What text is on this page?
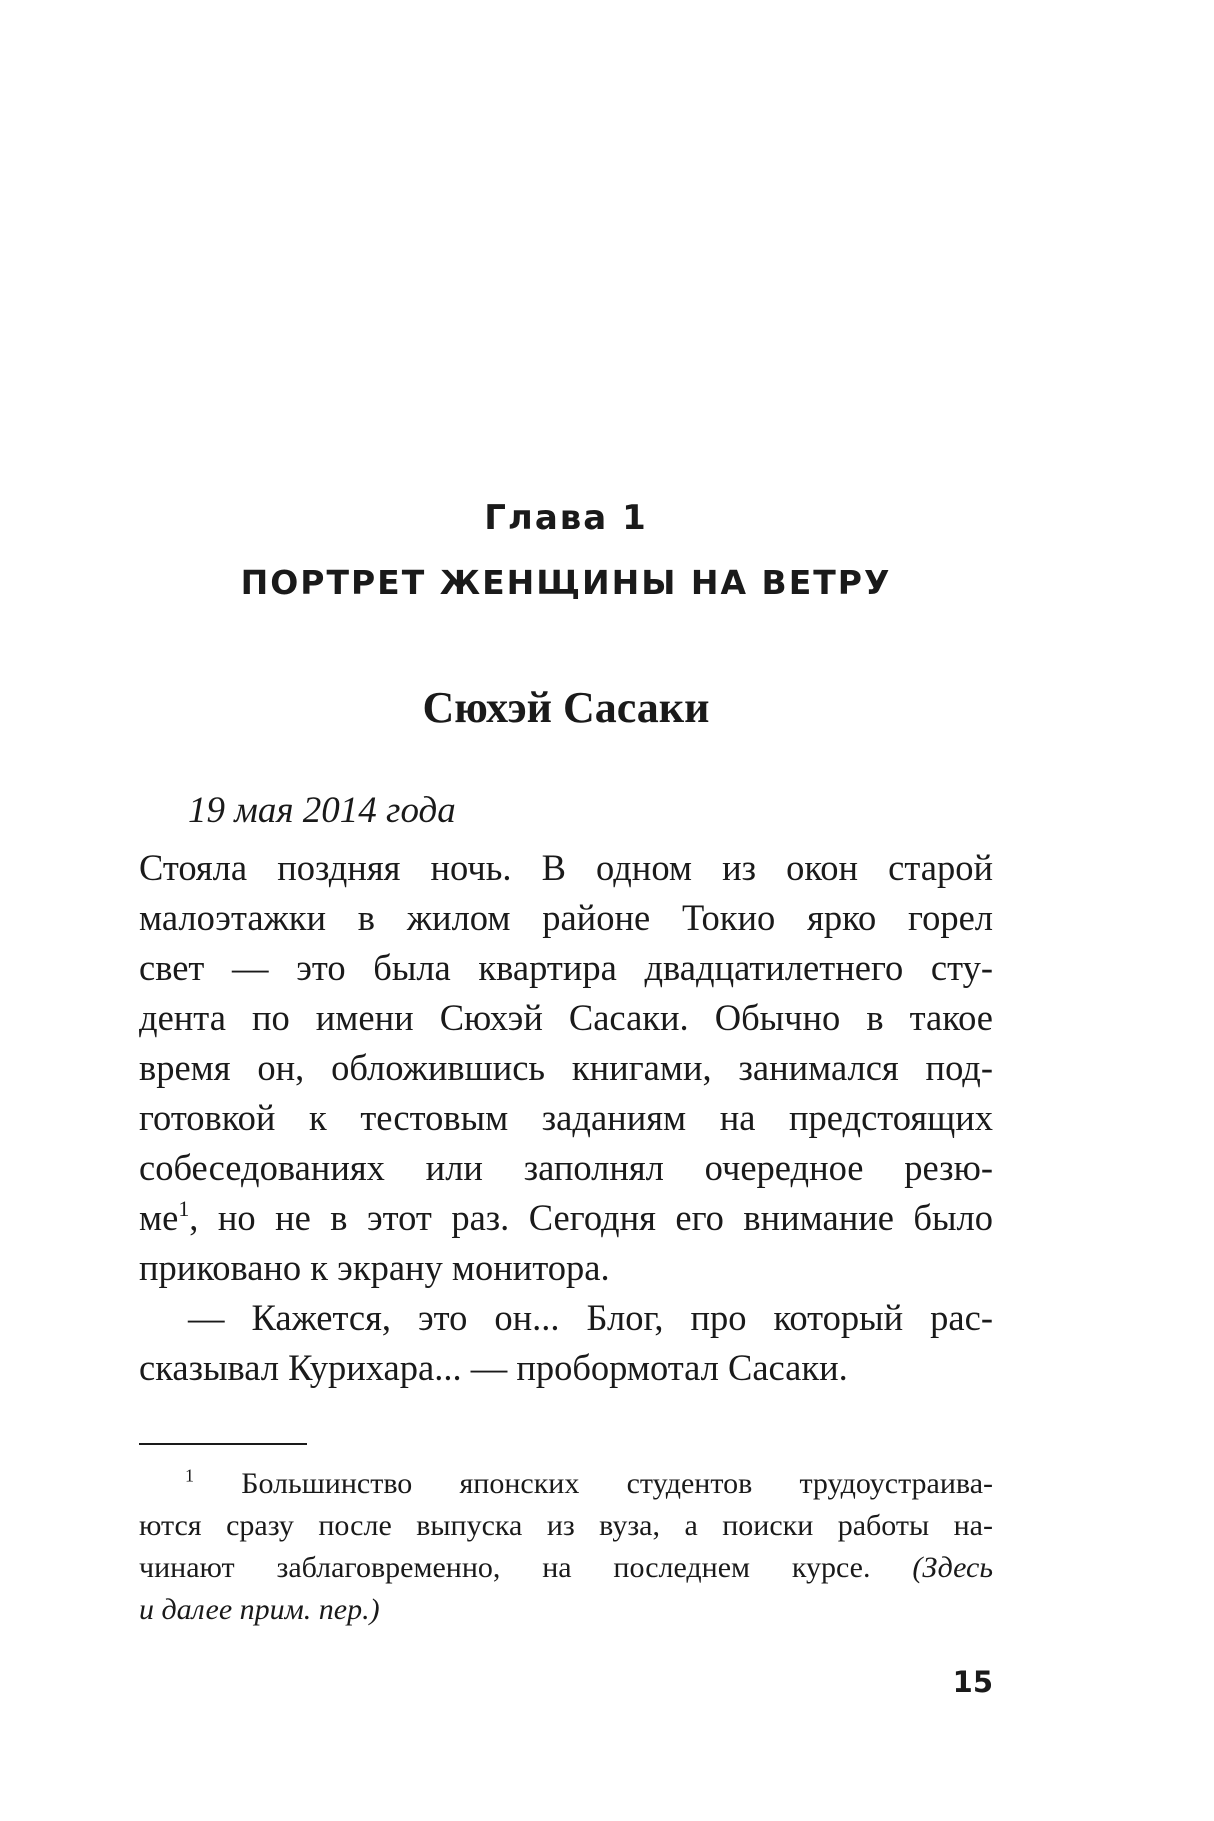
Глава 1
ПОРТРЕТ ЖЕНЩИНЫ НА ВЕТРУ
Сюхэй Сасаки
19 мая 2014 года
Стояла поздняя ночь. В одном из окон старой
малоэтажки в жилом районе Токио ярко горел
свет — это была квартира двадцатилетнего сту-
дента по имени Сюхэй Сасаки. Обычно в такое
время он, обложившись книгами, занимался под-
готовкой к тестовым заданиям на предстоящих
собеседованиях или заполнял очередное резю-
$ме^1$, но не в этот раз. Сегодня его внимание было
приковано к экрану монитора.
— Кажется, это он... Блог, про который рас-
сказывал Курихара... — пробормотал Сасаки.
$^1$ Большинство японских студентов трудоустраива-
ются сразу после выпуска из вуза, а поиски работы на-
чинают заблаговременно, на последнем курсе. (Здесь
и далее прим. пер.)
15
